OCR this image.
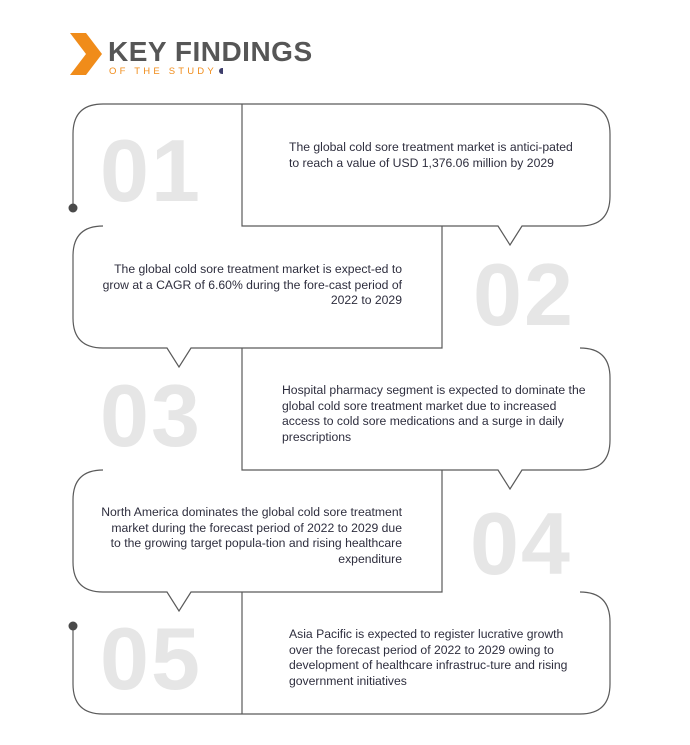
KEY FINDINGS
OF THE STUDY
01	The global cold sore treatment market is antici-pated to reach a value of USD 1,376.06 million by 2029
02
The global cold sore treatment market is expect-ed to grow at a CAGR of 6.60% during the fore-cast period of 2022 to 2029
03	Hospital pharmacy segment is expected to dominate the global cold sore treatment market due to increased access to cold sore medications and a surge in daily prescriptions
04
North America dominates the global cold sore treatment market during the forecast period of 2022 to 2029 due to the growing target popula-tion and rising healthcare expenditure
05	Asia Pacific is expected to register lucrative growth over the forecast period of 2022 to 2029 owing to development of healthcare infrastruc-ture and rising government initiatives
